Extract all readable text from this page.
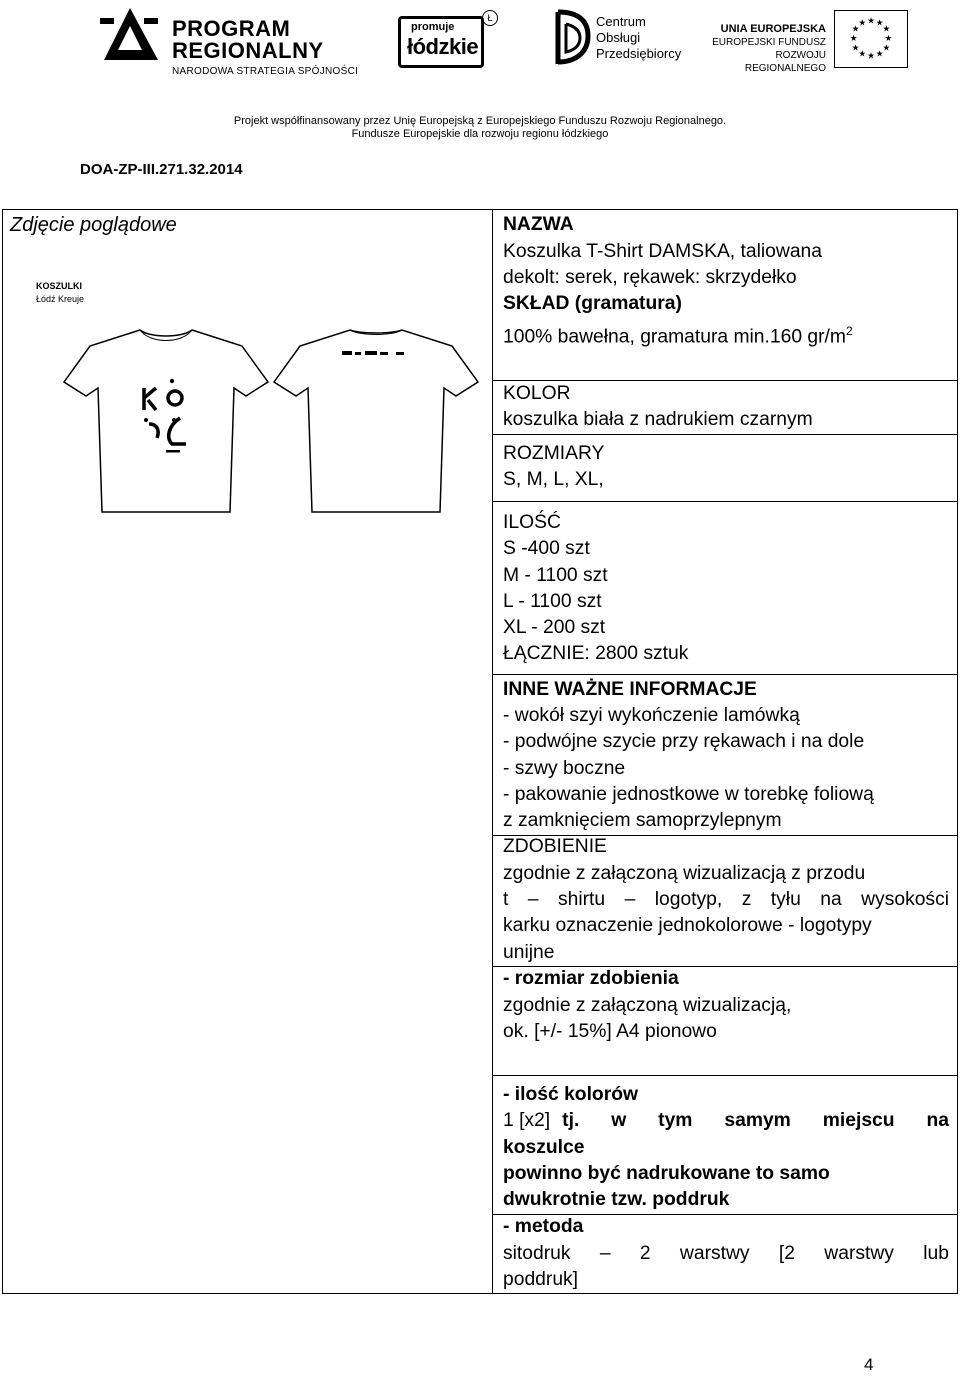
PROGRAM
REGIONALNY
NARODOWA STRATEGIA SPÓJNOŚCI
promuje
łódzkie
Ł	Centrum
Obsługi
Przedsiębiorcy
UNIA EUROPEJSKA
EUROPEJSKI FUNDUSZ
ROZWOJU REGIONALNEGO
★ ★
★
★
★
★
★
★
★
★
★
★
Projekt współfinansowany przez Unię Europejską z Europejskiego Funduszu Rozwoju Regionalnego.
Fundusze Europejskie dla rozwoju regionu łódzkiego
DOA-ZP-III.271.32.2014
Zdjęcie poglądowe
KOSZULKI
Łódź Kreuje
NAZWA
Koszulka T-Shirt DAMSKA, taliowana
dekolt: serek, rękawek: skrzydełko
SKŁAD (gramatura)
100% bawełna, gramatura min.160 $gr/m^2$
KOLOR
koszulka biała z nadrukiem czarnym
ROZMIARY
S, M, L, XL,
ILOŚĆ
S -400 szt
M - 1100 szt
L - 1100 szt
XL - 200 szt
ŁĄCZNIE: 2800 sztuk
INNE WAŻNE INFORMACJE
- wokół szyi wykończenie lamówką
- podwójne szycie przy rękawach i na dole
- szwy boczne
- pakowanie jednostkowe w torebkę foliową
z zamknięciem samoprzylepnym
ZDOBIENIE
zgodnie z załączoną wizualizacją z przodu
t – shirtu – logotyp, z tyłu na wysokości
karku oznaczenie jednokolorowe - logotypy
unijne
- rozmiar zdobienia
zgodnie z załączoną wizualizacją,
ok. [+/- 15%] A4 pionowo
- ilość kolorów
1 [x2] tj. w tym samym miejscu na
koszulce
powinno być nadrukowane to samo
dwukrotnie tzw. poddruk
- metoda
sitodruk – 2 warstwy [2 warstwy lub
poddruk]
4
